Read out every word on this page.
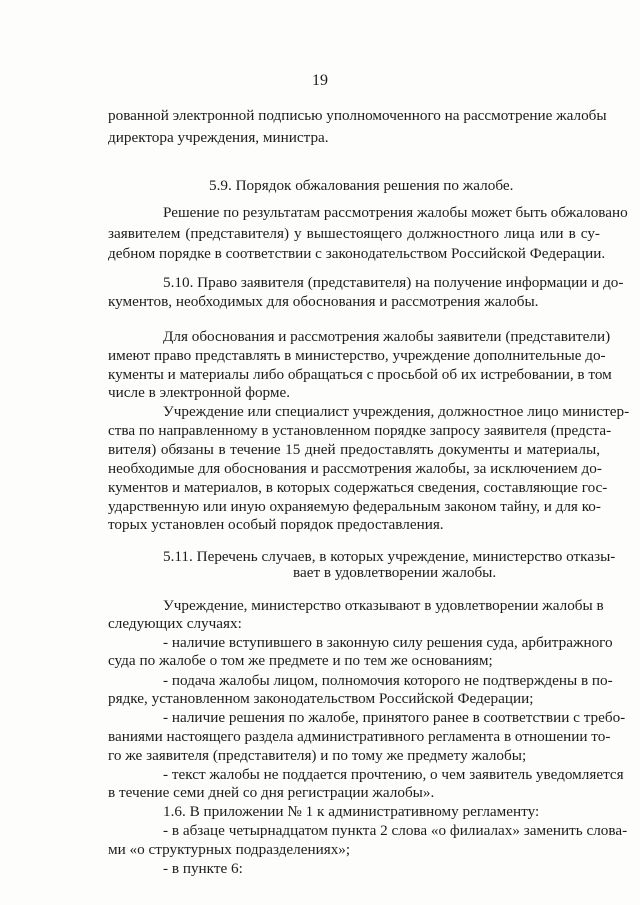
19
рованной электронной подписью уполномоченного на рассмотрение жалобы
директора учреждения, министра.
5.9. Порядок обжалования решения по жалобе.
Решение по результатам рассмотрения жалобы может быть обжаловано
заявителем (представителя) у вышестоящего должностного лица или в су-
дебном порядке в соответствии с законодательством Российской Федерации.
5.10. Право заявителя (представителя) на получение информации и до-
кументов, необходимых для обоснования и рассмотрения жалобы.
Для обоснования и рассмотрения жалобы заявители (представители)
имеют право представлять в министерство, учреждение дополнительные до-
кументы и материалы либо обращаться с просьбой об их истребовании, в том
числе в электронной форме.
Учреждение или специалист учреждения, должностное лицо министер-
ства по направленному в установленном порядке запросу заявителя (предста-
вителя) обязаны в течение 15 дней предоставлять документы и материалы,
необходимые для обоснования и рассмотрения жалобы, за исключением до-
кументов и материалов, в которых содержаться сведения, составляющие гос-
ударственную или иную охраняемую федеральным законом тайну, и для ко-
торых установлен особый порядок предоставления.
5.11. Перечень случаев, в которых учреждение, министерство отказы-
вает в удовлетворении жалобы.
Учреждение, министерство отказывают в удовлетворении жалобы в
следующих случаях:
- наличие вступившего в законную силу решения суда, арбитражного
суда по жалобе о том же предмете и по тем же основаниям;
- подача жалобы лицом, полномочия которого не подтверждены в по-
рядке, установленном законодательством Российской Федерации;
- наличие решения по жалобе, принятого ранее в соответствии с требо-
ваниями настоящего раздела административного регламента в отношении то-
го же заявителя (представителя) и по тому же предмету жалобы;
- текст жалобы не поддается прочтению, о чем заявитель уведомляется
в течение семи дней со дня регистрации жалобы».
1.6. В приложении № 1 к административному регламенту:
- в абзаце четырнадцатом пункта 2 слова «о филиалах» заменить слова-
ми «о структурных подразделениях»;
- в пункте 6:
